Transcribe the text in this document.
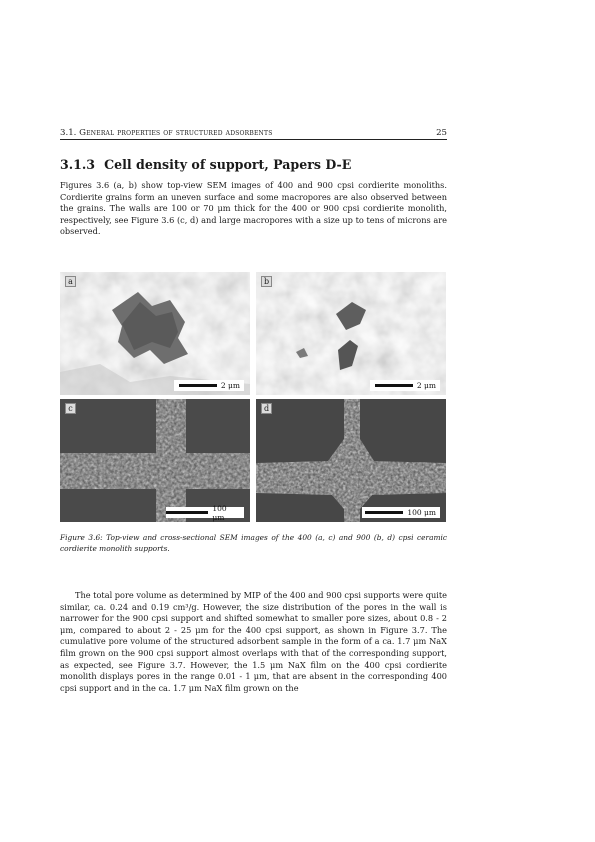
3.1. General properties of structured adsorbents	25
3.1.3 Cell density of support, Papers D-E

Figures 3.6 (a, b) show top-view SEM images of 400 and 900 cpsi cordierite monoliths. Cordierite grains form an uneven surface and some macropores are also observed between the grains. The walls are 100 or 70 μm thick for the 400 or 900 cpsi cordierite monolith, respectively, see Figure 3.6 (c, d) and large macropores with a size up to tens of microns are observed.

a
2 μm
b
2 μm
c
100 μm
d
100 μm

Figure 3.6: Top-view and cross-sectional SEM images of the 400 (a, c) and 900 (b, d) cpsi ceramic cordierite monolith supports.

The total pore volume as determined by MIP of the 400 and 900 cpsi supports were quite similar, ca. 0.24 and 0.19 cm³/g. However, the size distribution of the pores in the wall is narrower for the 900 cpsi support and shifted somewhat to smaller pore sizes, about 0.8 - 2 μm, compared to about 2 - 25 μm for the 400 cpsi support, as shown in Figure 3.7. The cumulative pore volume of the structured adsorbent sample in the form of a ca. 1.7 μm NaX film grown on the 900 cpsi support almost overlaps with that of the corresponding support, as expected, see Figure 3.7. However, the 1.5 μm NaX film on the 400 cpsi cordierite monolith displays pores in the range 0.01 - 1 μm, that are absent in the corresponding 400 cpsi support and in the ca. 1.7 μm NaX film grown on the
